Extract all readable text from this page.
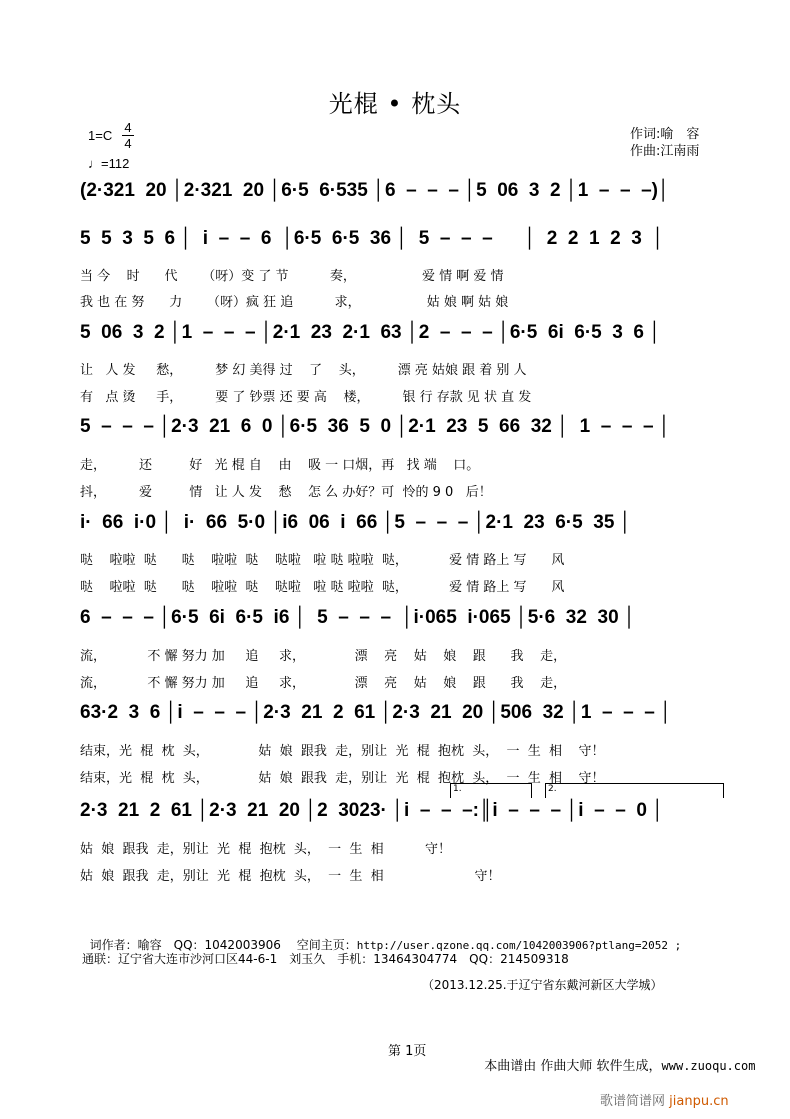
光棍 • 枕头
$1=C \frac{4}{4}$
♩=112
作词:喻　容
作曲:江南雨
(2·321  20 │2·321  20 │6·5  6·535 │6  –  –  – │5  06  3  2 │1  –  –  –)│
5  5  3  5  6 │  i  –  –  6  │6·5  6·5  36 │  5  –  –  –      │  2  2  1  2  3  │
当 今    时      代      （呀）变 了 节          奏，                爱 情 啊 爱 情
我 也 在 努      力      （呀）疯 狂 追          求，                姑 娘 啊 姑 娘
5  06  3  2 │1  –  –  – │2·1  23  2·1  63 │2  –  –  – │6·5  6i  6·5  3  6 │
让   人 发     愁，        梦 幻 美得 过    了    头，        漂 亮 姑娘 跟 着 别 人
有   点 烫     手，        要 了 钞票 还 要 高    楼，        银 行 存款 见 状 直 发
5  –  –  – │2·3  21  6  0 │6·5  36  5  0 │2·1  23  5  66  32 │  1  –  –  – │
走，        还         好   光 棍 自    由    吸 一 口烟，再   找 端    口。
抖，        爱         情   让 人 发    愁    怎 么 办好？可  怜的 9 0   后！
i·  66  i·0 │  i·  66  5·0 │i6  06  i  66 │5  –  –  – │2·1  23  6·5  35 │
哒    啦啦  哒      哒    啦啦  哒    哒啦   啦 哒 啦啦  哒，          爱 情 路上 写      风
哒    啦啦  哒      哒    啦啦  哒    哒啦   啦 哒 啦啦  哒，          爱 情 路上 写      风
6  –  –  – │6·5  6i  6·5  i6 │  5  –  –  –  │i·065  i·065 │5·6  32  30 │
流，          不 懈 努力 加     追     求，            漂    亮    姑    娘    跟      我    走，
流，          不 懈 努力 加     追     求，            漂    亮    姑    娘    跟      我    走，
63·2  3  6 │i  –  –  – │2·3  21  2  61 │2·3  21  20 │506  32 │1  –  –  – │
结束，光  棍  枕  头，            姑  娘  跟我  走，别让  光  棍  抱枕  头，  一  生  相    守！
结束，光  棍  枕  头，            姑  娘  跟我  走，别让  光  棍  抱枕  头，  一  生  相    守！
1.	2.
2·3  21  2  61 │2·3  21  20 │2  3023· │i  –  –  –:║i  –  –  – │i  –  –  0 │
姑  娘  跟我  走，别让  光  棍  抱枕  头，  一  生  相          守！
姑  娘  跟我  走，别让  光  棍  抱枕  头，  一  生  相                      守！

词作者：喻容　QQ：1042003906　 空间主页：http://user.qzone.qq.com/1042003906?ptlang=2052 ;

通联：辽宁省大连市沙河口区44-6-1　刘玉久　手机：13464304774　QQ：214509318
（2013.12.25.于辽宁省东戴河新区大学城）
第 1页

本曲谱由 作曲大师 软件生成，www.zuoqu.com

歌谱简谱网 jianpu.cn
